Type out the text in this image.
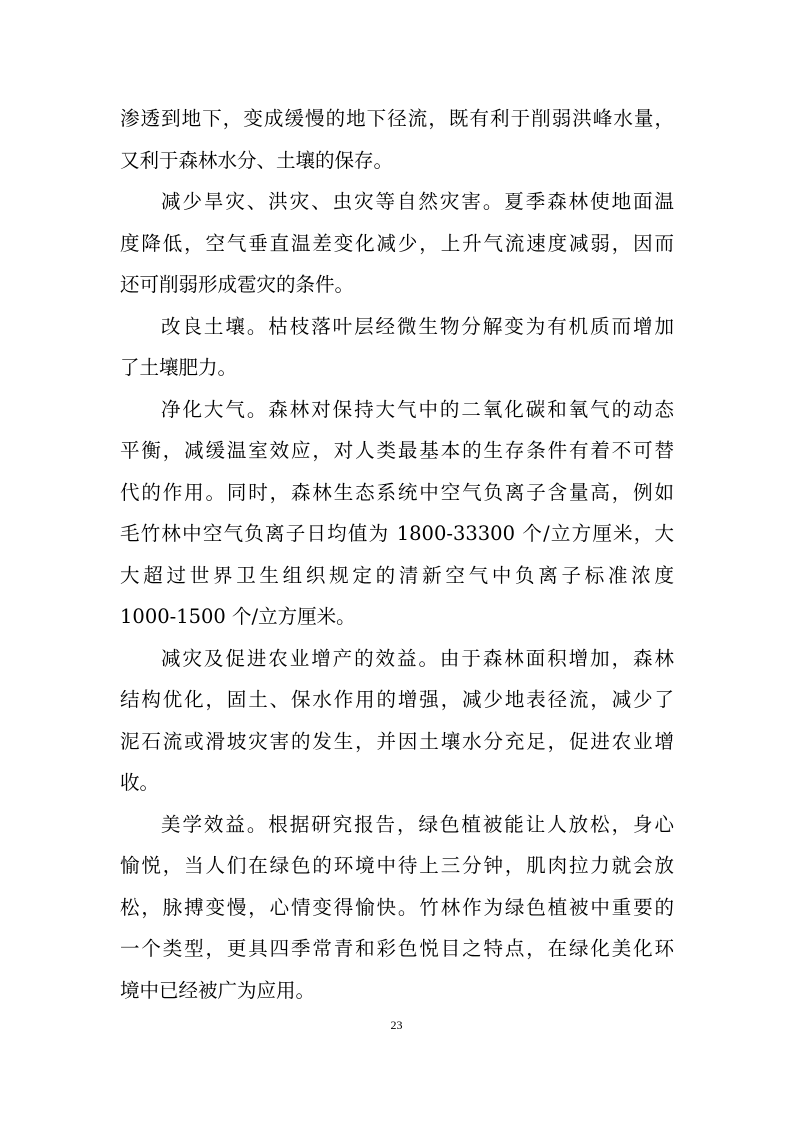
渗透到地下，变成缓慢的地下径流，既有利于削弱洪峰水量，
又利于森林水分、土壤的保存。
减少旱灾、洪灾、虫灾等自然灾害。夏季森林使地面温
度降低，空气垂直温差变化减少，上升气流速度减弱，因而
还可削弱形成雹灾的条件。
改良土壤。枯枝落叶层经微生物分解变为有机质而增加
了土壤肥力。
净化大气。森林对保持大气中的二氧化碳和氧气的动态
平衡，减缓温室效应，对人类最基本的生存条件有着不可替
代的作用。同时，森林生态系统中空气负离子含量高，例如
毛竹林中空气负离子日均值为 1800-33300 个/立方厘米，大
大超过世界卫生组织规定的清新空气中负离子标准浓度
1000-1500 个/立方厘米。
减灾及促进农业增产的效益。由于森林面积增加，森林
结构优化，固土、保水作用的增强，减少地表径流，减少了
泥石流或滑坡灾害的发生，并因土壤水分充足，促进农业增
收。
美学效益。根据研究报告，绿色植被能让人放松，身心
愉悦，当人们在绿色的环境中待上三分钟，肌肉拉力就会放
松，脉搏变慢，心情变得愉快。竹林作为绿色植被中重要的
一个类型，更具四季常青和彩色悦目之特点，在绿化美化环
境中已经被广为应用。
23
